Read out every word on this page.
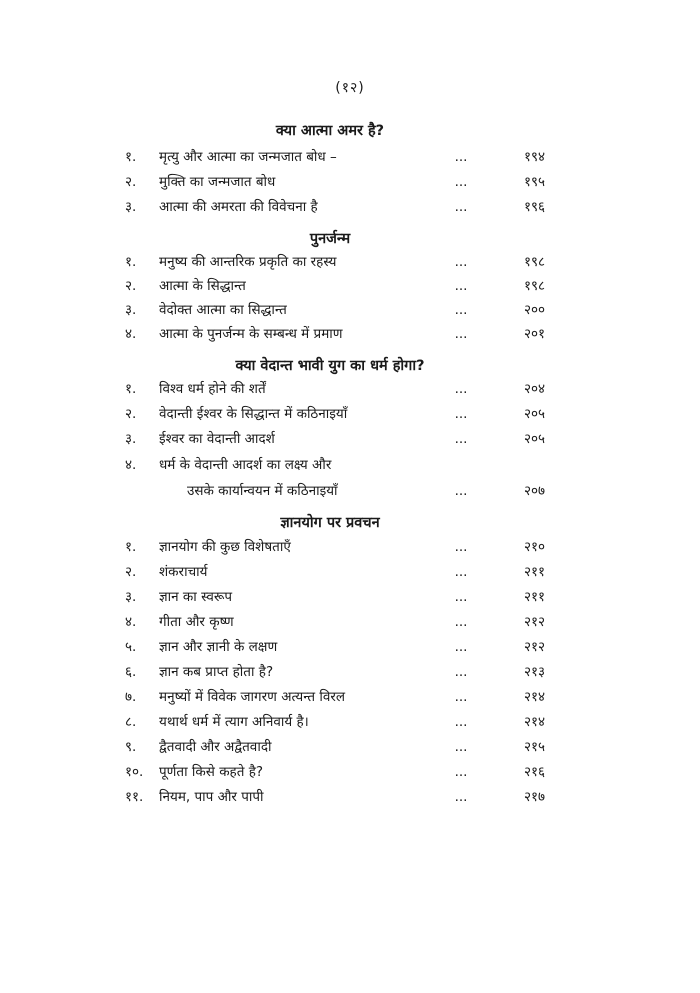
(१२)
क्या आत्मा अमर है?
१.	मृत्यु और आत्मा का जन्मजात बोध –	...	१९४
२.	मुक्ति का जन्मजात बोध	...	१९५
३.	आत्मा की अमरता की विवेचना है	...	१९६
पुनर्जन्म
१.	मनुष्य की आन्तरिक प्रकृति का रहस्य	...	१९८
२.	आत्मा के सिद्धान्त	...	१९८
३.	वेदोक्त आत्मा का सिद्धान्त	...	२००
४.	आत्मा के पुनर्जन्म के सम्बन्ध में प्रमाण	...	२०१
क्या वेदान्त भावी युग का धर्म होगा?
१.	विश्व धर्म होने की शर्तें	...	२०४
२.	वेदान्ती ईश्वर के सिद्धान्त में कठिनाइयाँ	...	२०५
३.	ईश्वर का वेदान्ती आदर्श	...	२०५
४.	धर्म के वेदान्ती आदर्श का लक्ष्य और
उसके कार्यान्वयन में कठिनाइयाँ	...	२०७
ज्ञानयोग पर प्रवचन
१.	ज्ञानयोग की कुछ विशेषताएँ	...	२१०
२.	शंकराचार्य	...	२११
३.	ज्ञान का स्वरूप	...	२११
४.	गीता और कृष्ण	...	२१२
५.	ज्ञान और ज्ञानी के लक्षण	...	२१२
६.	ज्ञान कब प्राप्त होता है?	...	२१३
७.	मनुष्यों में विवेक जागरण अत्यन्त विरल	...	२१४
८.	यथार्थ धर्म में त्याग अनिवार्य है।	...	२१४
९.	द्वैतवादी और अद्वैतवादी	...	२१५
१०.	पूर्णता किसे कहते है?	...	२१६
११.	नियम, पाप और पापी	...	२१७
